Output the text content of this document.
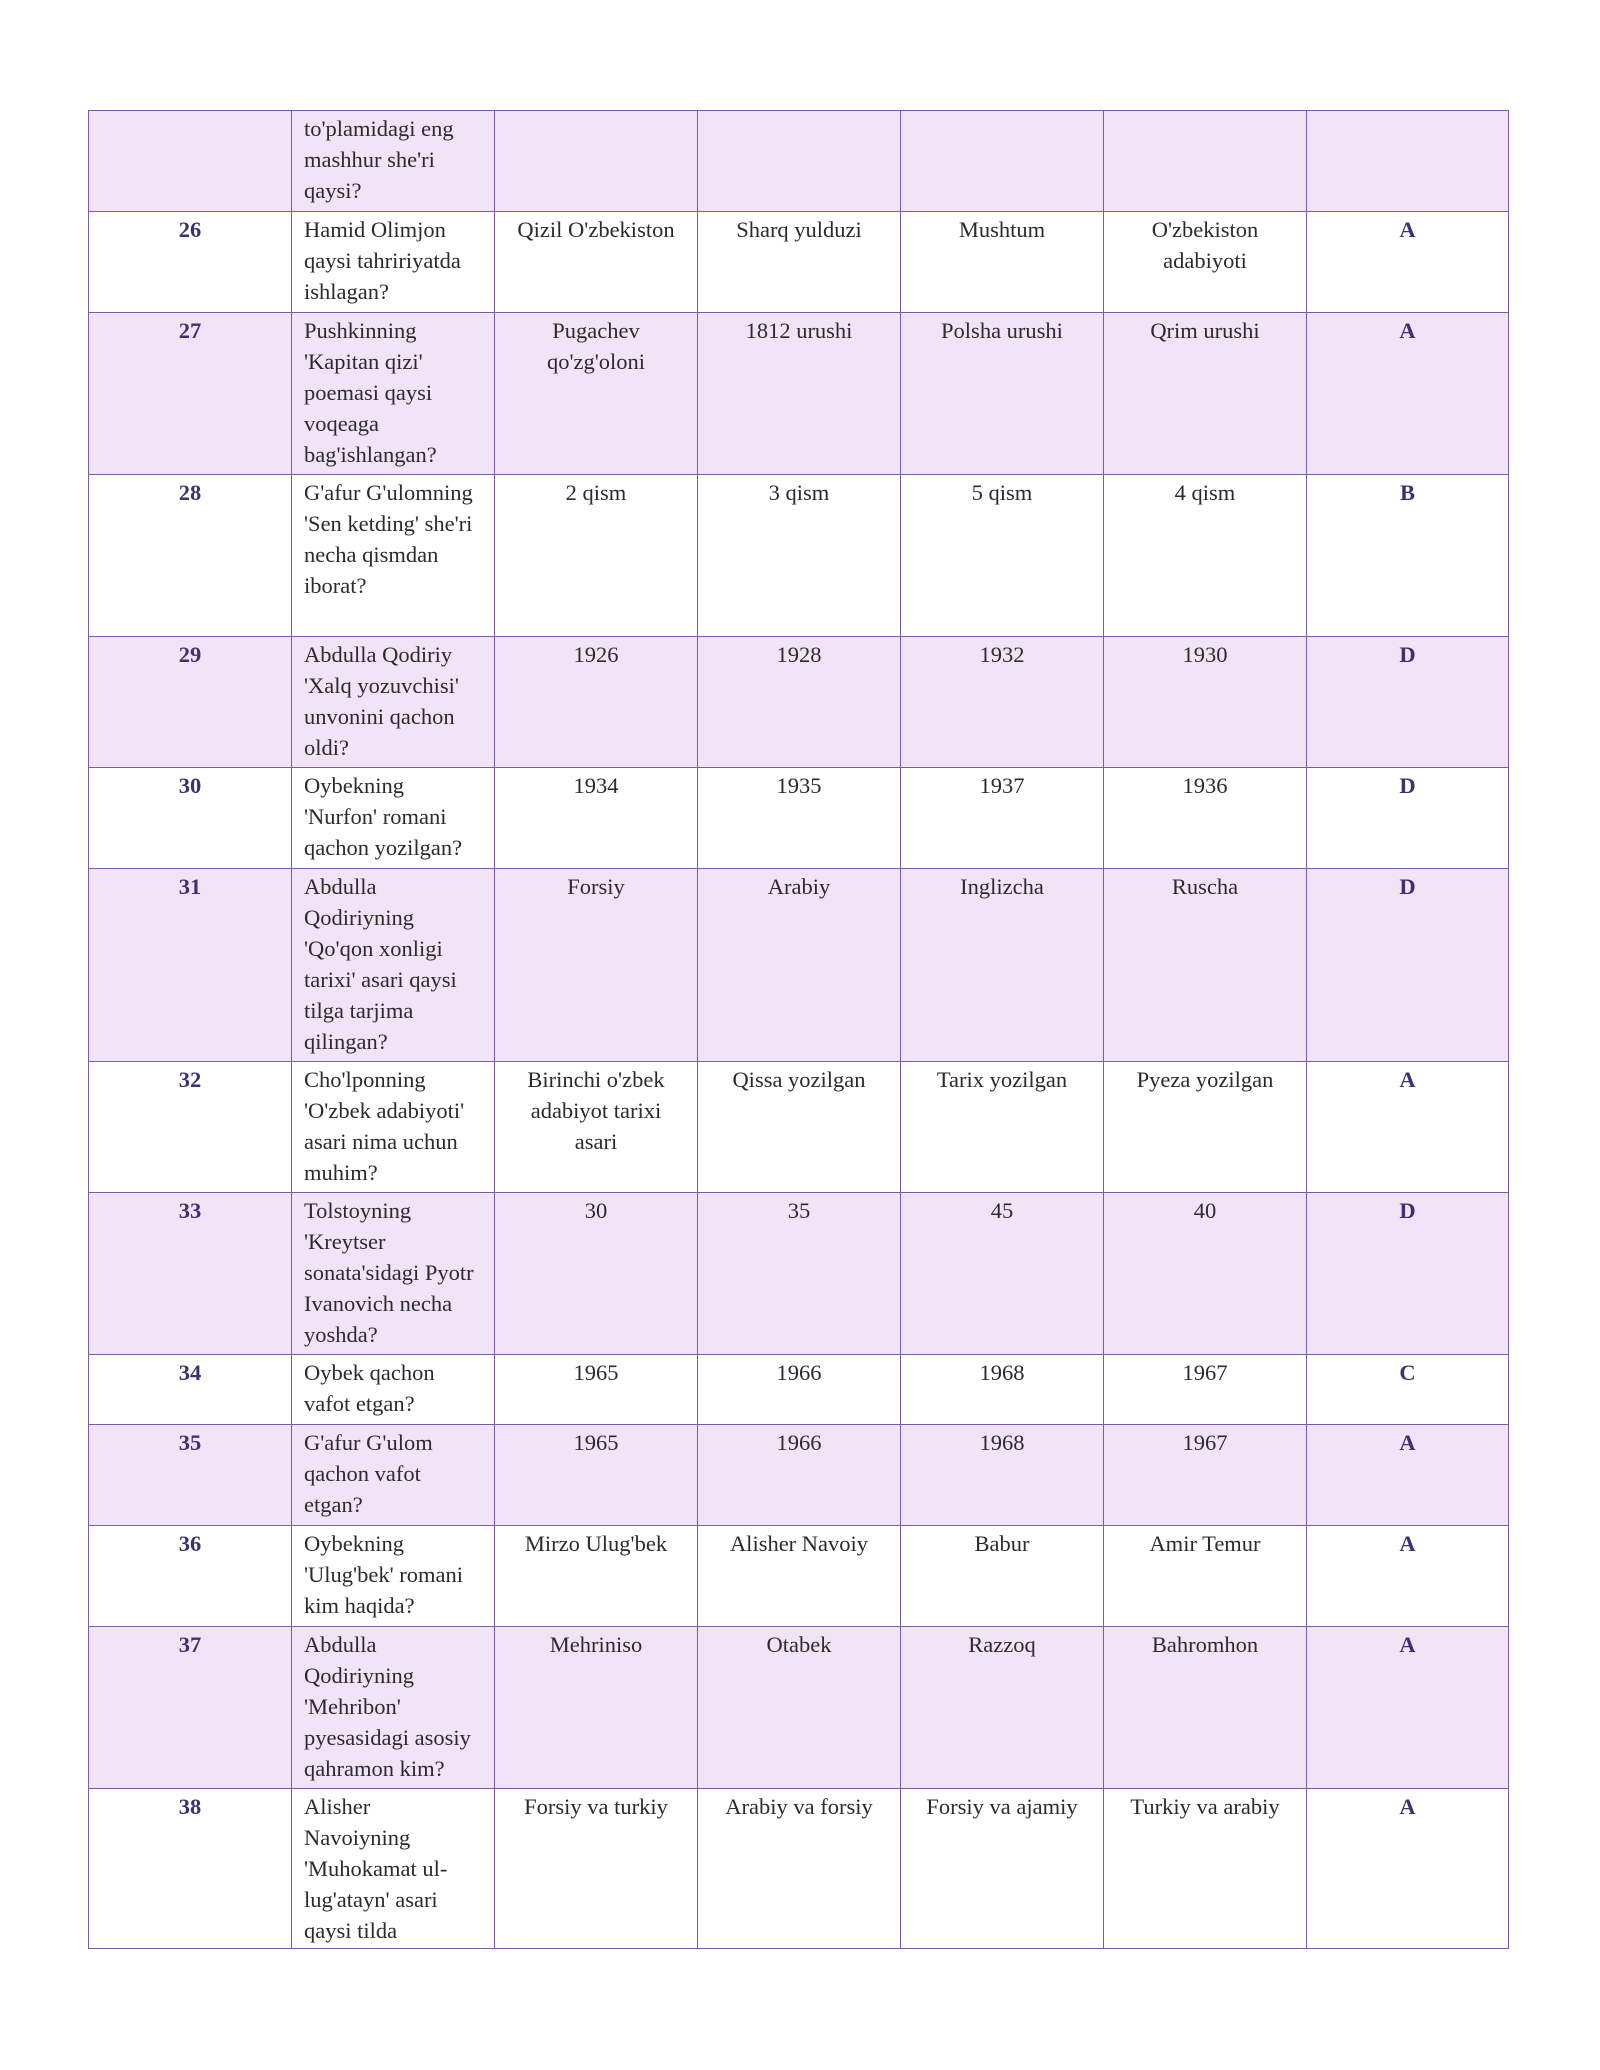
	to'plamidagi eng mashhur she'ri qaysi?					
26	Hamid Olimjon qaysi tahririyatda ishlagan?	Qizil O'zbekiston	Sharq yulduzi	Mushtum	O'zbekiston adabiyoti	A
27	Pushkinning 'Kapitan qizi' poemasi qaysi voqeaga bag'ishlangan?	Pugachev qo'zg'oloni	1812 urushi	Polsha urushi	Qrim urushi	A
28	G'afur G'ulomning 'Sen ketding' she'ri necha qismdan iborat?	2 qism	3 qism	5 qism	4 qism	B
29	Abdulla Qodiriy 'Xalq yozuvchisi' unvonini qachon oldi?	1926	1928	1932	1930	D
30	Oybekning 'Nurfon' romani qachon yozilgan?	1934	1935	1937	1936	D
31	Abdulla Qodiriyning 'Qo'qon xonligi tarixi' asari qaysi tilga tarjima qilingan?	Forsiy	Arabiy	Inglizcha	Ruscha	D
32	Cho'lponning 'O'zbek adabiyoti' asari nima uchun muhim?	Birinchi o'zbek adabiyot tarixi asari	Qissa yozilgan	Tarix yozilgan	Pyeza yozilgan	A
33	Tolstoyning 'Kreytser sonata'sidagi Pyotr Ivanovich necha yoshda?	30	35	45	40	D
34	Oybek qachon vafot etgan?	1965	1966	1968	1967	C
35	G'afur G'ulom qachon vafot etgan?	1965	1966	1968	1967	A
36	Oybekning 'Ulug'bek' romani kim haqida?	Mirzo Ulug'bek	Alisher Navoiy	Babur	Amir Temur	A
37	Abdulla Qodiriyning 'Mehribon' pyesasidagi asosiy qahramon kim?	Mehriniso	Otabek	Razzoq	Bahromhon	A
38	Alisher Navoiyning 'Muhokamat ul-lug'atayn' asari qaysi tilda	Forsiy va turkiy	Arabiy va forsiy	Forsiy va ajamiy	Turkiy va arabiy	A
